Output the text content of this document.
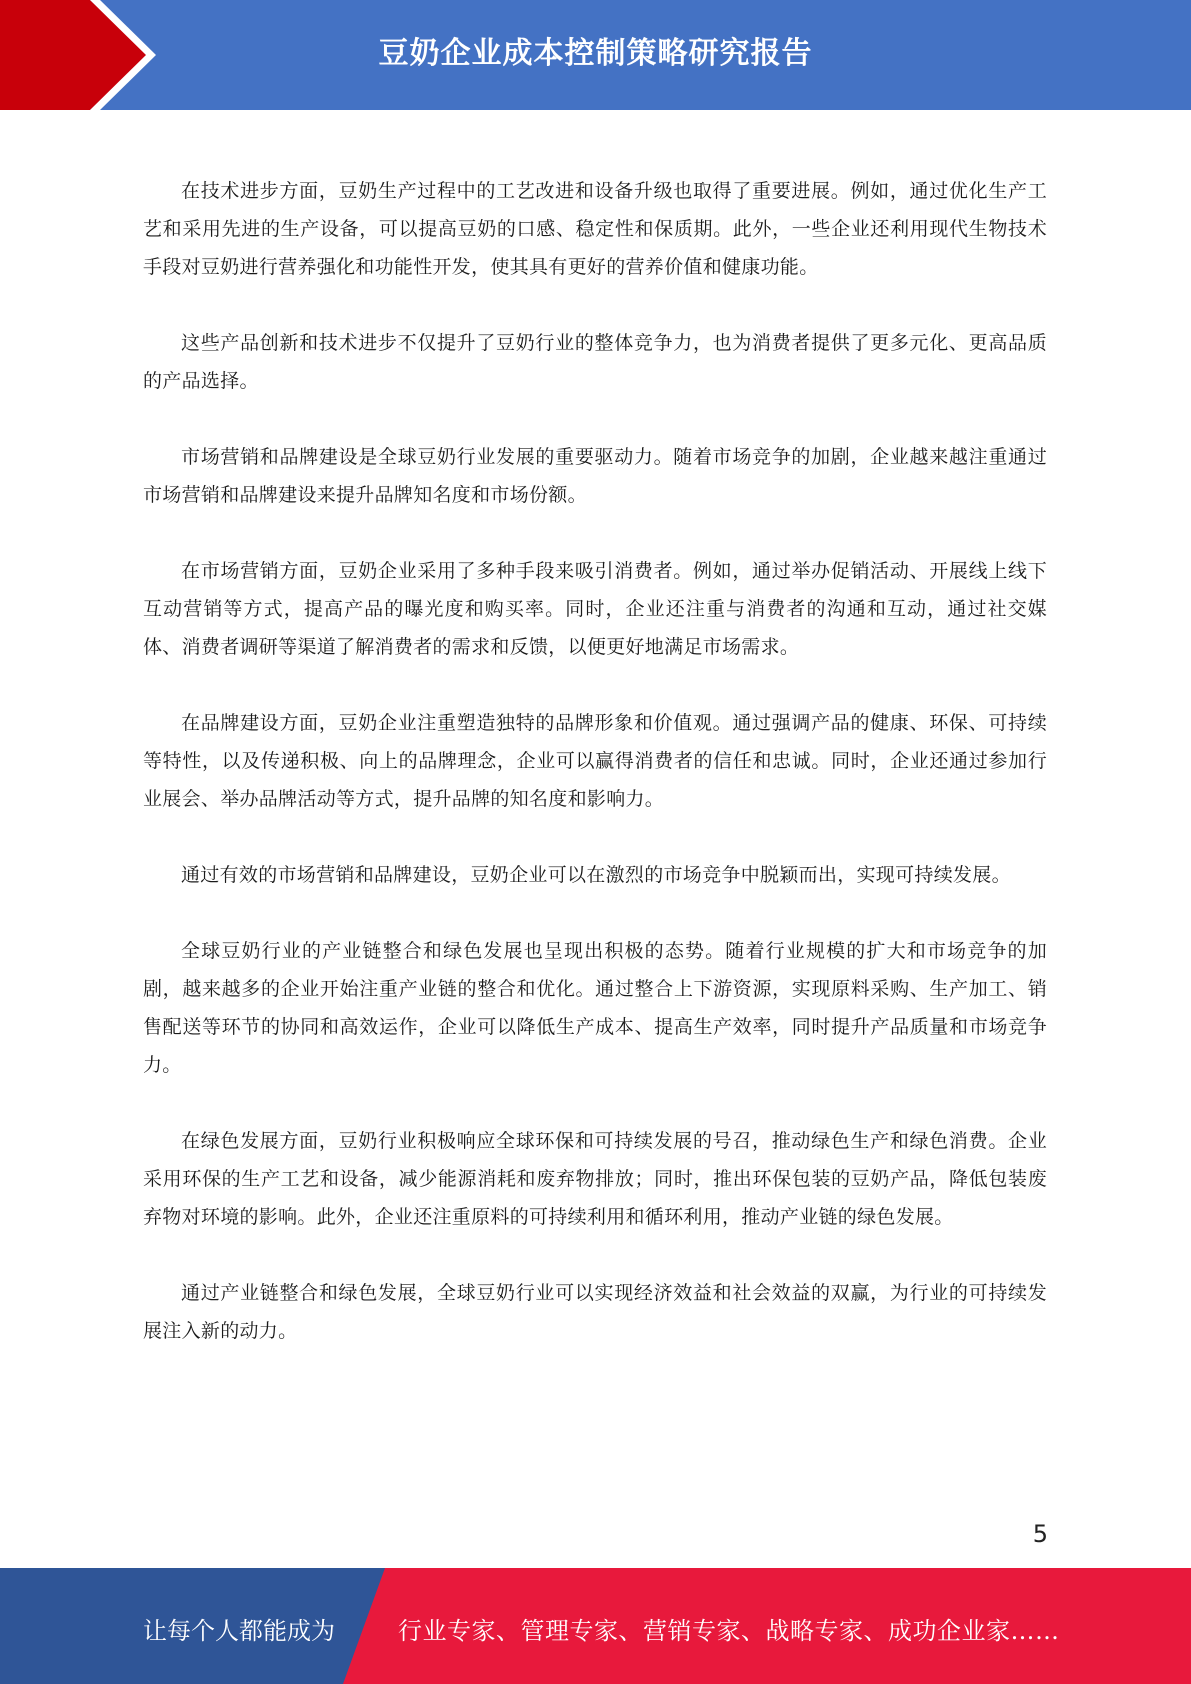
豆奶企业成本控制策略研究报告

在技术进步方面，豆奶生产过程中的工艺改进和设备升级也取得了重要进展。例如，通过优化生产工艺和采用先进的生产设备，可以提高豆奶的口感、稳定性和保质期。此外，一些企业还利用现代生物技术手段对豆奶进行营养强化和功能性开发，使其具有更好的营养价值和健康功能。

这些产品创新和技术进步不仅提升了豆奶行业的整体竞争力，也为消费者提供了更多元化、更高品质的产品选择。

市场营销和品牌建设是全球豆奶行业发展的重要驱动力。随着市场竞争的加剧，企业越来越注重通过市场营销和品牌建设来提升品牌知名度和市场份额。

在市场营销方面，豆奶企业采用了多种手段来吸引消费者。例如，通过举办促销活动、开展线上线下互动营销等方式，提高产品的曝光度和购买率。同时，企业还注重与消费者的沟通和互动，通过社交媒体、消费者调研等渠道了解消费者的需求和反馈，以便更好地满足市场需求。

在品牌建设方面，豆奶企业注重塑造独特的品牌形象和价值观。通过强调产品的健康、环保、可持续等特性，以及传递积极、向上的品牌理念，企业可以赢得消费者的信任和忠诚。同时，企业还通过参加行业展会、举办品牌活动等方式，提升品牌的知名度和影响力。

通过有效的市场营销和品牌建设，豆奶企业可以在激烈的市场竞争中脱颖而出，实现可持续发展。

全球豆奶行业的产业链整合和绿色发展也呈现出积极的态势。随着行业规模的扩大和市场竞争的加剧，越来越多的企业开始注重产业链的整合和优化。通过整合上下游资源，实现原料采购、生产加工、销售配送等环节的协同和高效运作，企业可以降低生产成本、提高生产效率，同时提升产品质量和市场竞争力。

在绿色发展方面，豆奶行业积极响应全球环保和可持续发展的号召，推动绿色生产和绿色消费。企业采用环保的生产工艺和设备，减少能源消耗和废弃物排放；同时，推出环保包装的豆奶产品，降低包装废弃物对环境的影响。此外，企业还注重原料的可持续利用和循环利用，推动产业链的绿色发展。

通过产业链整合和绿色发展，全球豆奶行业可以实现经济效益和社会效益的双赢，为行业的可持续发展注入新的动力。

5
让每个人都能成为	行业专家、管理专家、营销专家、战略专家、成功企业家……
